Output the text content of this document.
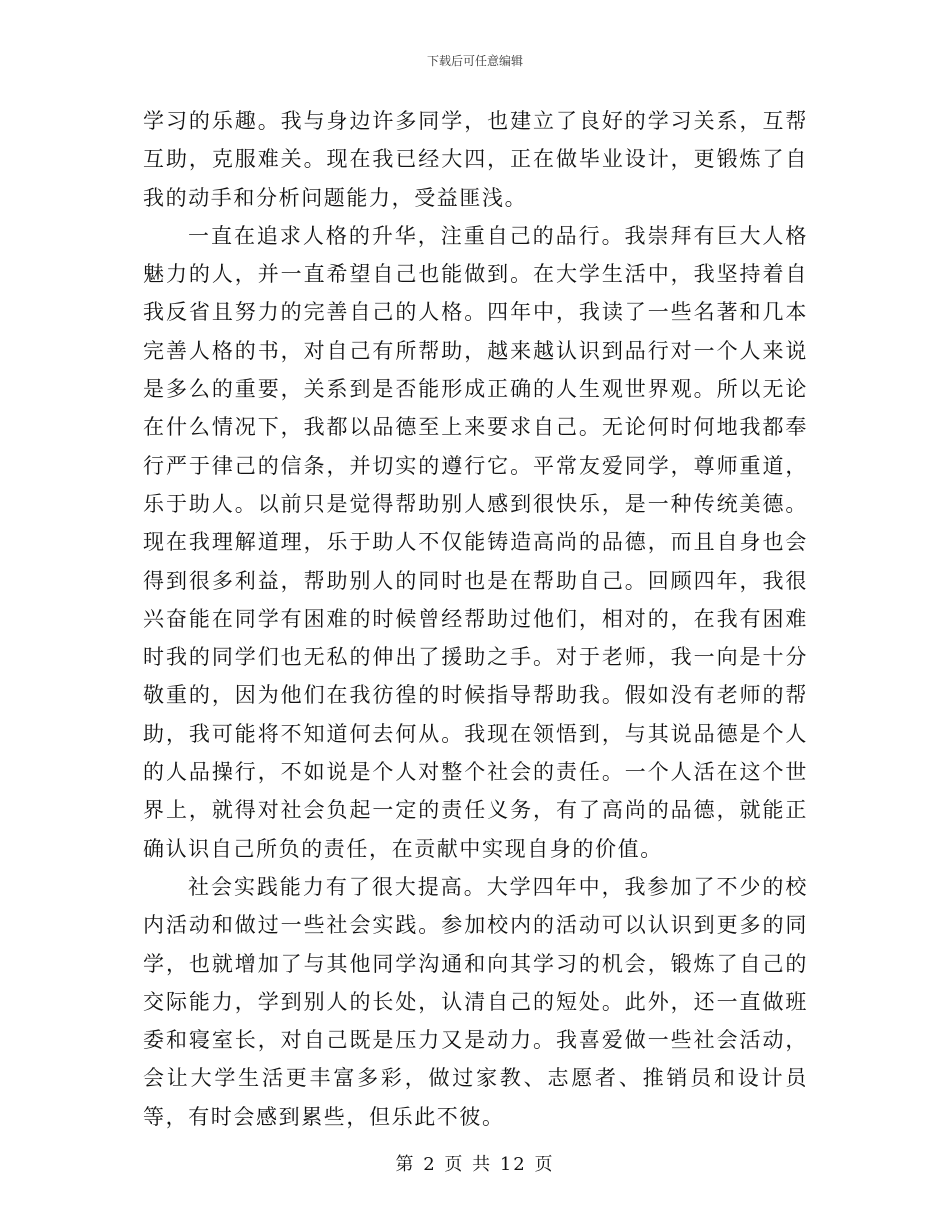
下载后可任意编辑

学习的乐趣。我与身边许多同学，也建立了良好的学习关系，互帮互助，克服难关。现在我已经大四，正在做毕业设计，更锻炼了自我的动手和分析问题能力，受益匪浅。

一直在追求人格的升华，注重自己的品行。我崇拜有巨大人格魅力的人，并一直希望自己也能做到。在大学生活中，我坚持着自我反省且努力的完善自己的人格。四年中，我读了一些名著和几本完善人格的书，对自己有所帮助，越来越认识到品行对一个人来说是多么的重要，关系到是否能形成正确的人生观世界观。所以无论在什么情况下，我都以品德至上来要求自己。无论何时何地我都奉行严于律己的信条，并切实的遵行它。平常友爱同学，尊师重道，乐于助人。以前只是觉得帮助别人感到很快乐，是一种传统美德。现在我理解道理，乐于助人不仅能铸造高尚的品德，而且自身也会得到很多利益，帮助别人的同时也是在帮助自己。回顾四年，我很兴奋能在同学有困难的时候曾经帮助过他们，相对的，在我有困难时我的同学们也无私的伸出了援助之手。对于老师，我一向是十分敬重的，因为他们在我彷徨的时候指导帮助我。假如没有老师的帮助，我可能将不知道何去何从。我现在领悟到，与其说品德是个人的人品操行，不如说是个人对整个社会的责任。一个人活在这个世界上，就得对社会负起一定的责任义务，有了高尚的品德，就能正确认识自己所负的责任，在贡献中实现自身的价值。

社会实践能力有了很大提高。大学四年中，我参加了不少的校内活动和做过一些社会实践。参加校内的活动可以认识到更多的同学，也就增加了与其他同学沟通和向其学习的机会，锻炼了自己的交际能力，学到别人的长处，认清自己的短处。此外，还一直做班委和寝室长，对自己既是压力又是动力。我喜爱做一些社会活动，会让大学生活更丰富多彩，做过家教、志愿者、推销员和设计员等，有时会感到累些，但乐此不彼。

第 2 页 共 12 页
